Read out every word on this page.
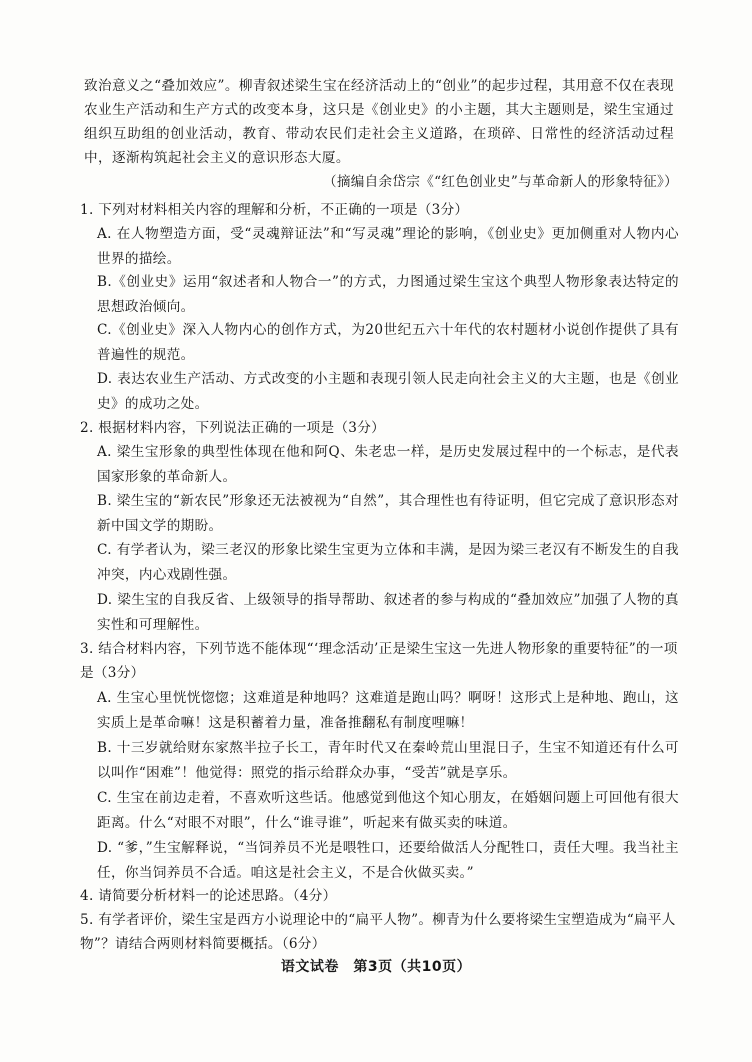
致治意义之“叠加效应”。柳青叙述梁生宝在经济活动上的“创业”的起步过程，其用意不仅在表现农业生产活动和生产方式的改变本身，这只是《创业史》的小主题，其大主题则是，梁生宝通过组织互助组的创业活动，教育、带动农民们走社会主义道路，在琐碎、日常性的经济活动过程中，逐渐构筑起社会主义的意识形态大厦。

（摘编自余岱宗《“红色创业史”与革命新人的形象特征》）

1. 下列对材料相关内容的理解和分析，不正确的一项是（3分）

A. 在人物塑造方面，受“灵魂辩证法”和“写灵魂”理论的影响，《创业史》更加侧重对人物内心世界的描绘。

B.《创业史》运用“叙述者和人物合一”的方式，力图通过梁生宝这个典型人物形象表达特定的思想政治倾向。

C.《创业史》深入人物内心的创作方式，为20世纪五六十年代的农村题材小说创作提供了具有普遍性的规范。

D. 表达农业生产活动、方式改变的小主题和表现引领人民走向社会主义的大主题，也是《创业史》的成功之处。

2. 根据材料内容，下列说法正确的一项是（3分）

A. 梁生宝形象的典型性体现在他和阿Q、朱老忠一样，是历史发展过程中的一个标志，是代表国家形象的革命新人。

B. 梁生宝的“新农民”形象还无法被视为“自然”，其合理性也有待证明，但它完成了意识形态对新中国文学的期盼。

C. 有学者认为，梁三老汉的形象比梁生宝更为立体和丰满，是因为梁三老汉有不断发生的自我冲突，内心戏剧性强。

D. 梁生宝的自我反省、上级领导的指导帮助、叙述者的参与构成的“叠加效应”加强了人物的真实性和可理解性。

3. 结合材料内容，下列节选不能体现“‘理念活动’正是梁生宝这一先进人物形象的重要特征”的一项是（3分）

A. 生宝心里恍恍惚惚；这难道是种地吗？这难道是跑山吗？啊呀！这形式上是种地、跑山，这实质上是革命嘛！这是积蓄着力量，准备推翻私有制度哩嘛！

B. 十三岁就给财东家熬半拉子长工，青年时代又在秦岭荒山里混日子，生宝不知道还有什么可以叫作“困难”！他觉得：照党的指示给群众办事，“受苦”就是享乐。

C. 生宝在前边走着，不喜欢听这些话。他感觉到他这个知心朋友，在婚姻问题上可回他有很大距离。什么“对眼不对眼”，什么“谁寻谁”，听起来有做买卖的味道。

D. “爹，”生宝解释说，“当饲养员不光是喂牲口，还要给做活人分配牲口，责任大哩。我当社主任，你当饲养员不合适。咱这是社会主义，不是合伙做买卖。”

4. 请简要分析材料一的论述思路。（4分）

5. 有学者评价，梁生宝是西方小说理论中的“扁平人物”。柳青为什么要将梁生宝塑造成为“扁平人物”？请结合两则材料简要概括。（6分）

语文试卷　第3页（共10页）
